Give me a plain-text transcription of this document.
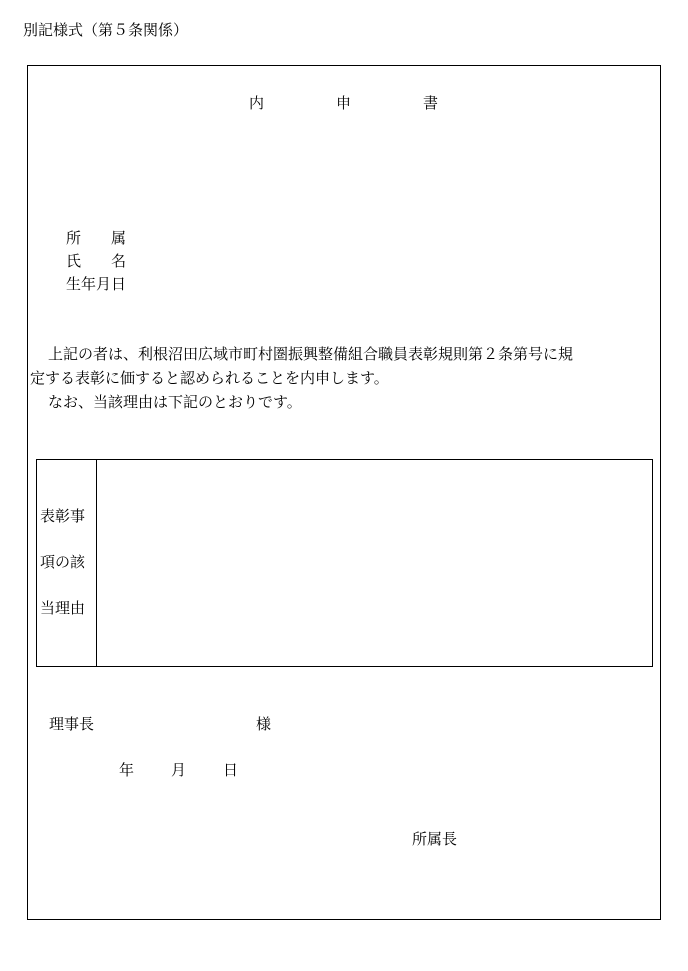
別記様式（第５条関係）
内	申	書
所　　属
氏　　名
生年月日
上記の者は、利根沼田広域市町村圏振興整備組合職員表彰規則第２条第号に規
定する表彰に価すると認められることを内申します。
なお、当該理由は下記のとおりです。
表彰事
項の該
当理由
理事長	様
年 月 日
所属長
